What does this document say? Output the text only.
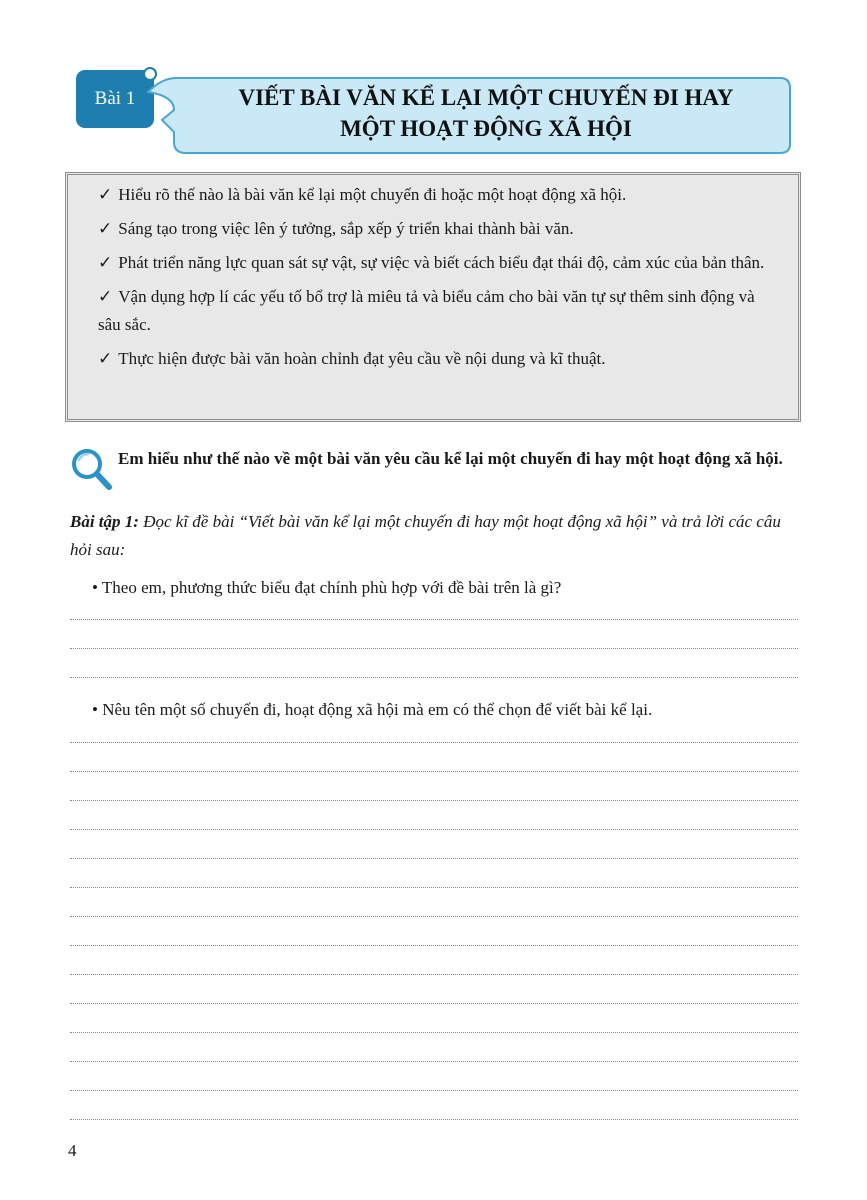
Bài 1	VIẾT BÀI VĂN KỂ LẠI MỘT CHUYẾN ĐI HAY
MỘT HOẠT ĐỘNG XÃ HỘI

✓ Hiểu rõ thế nào là bài văn kể lại một chuyến đi hoặc một hoạt động xã hội.

✓ Sáng tạo trong việc lên ý tưởng, sắp xếp ý triển khai thành bài văn.

✓ Phát triển năng lực quan sát sự vật, sự việc và biết cách biểu đạt thái độ, cảm xúc của bản thân.

✓ Vận dụng hợp lí các yếu tố bổ trợ là miêu tả và biểu cảm cho bài văn tự sự thêm sinh động và sâu sắc.

✓ Thực hiện được bài văn hoàn chỉnh đạt yêu cầu về nội dung và kĩ thuật.

Em hiểu như thế nào về một bài văn yêu cầu kể lại một chuyến đi hay một hoạt động xã hội.
Bài tập 1: Đọc kĩ đề bài “Viết bài văn kể lại một chuyến đi hay một hoạt động xã hội” và trả lời các câu hỏi sau:
• Theo em, phương thức biểu đạt chính phù hợp với đề bài trên là gì?
• Nêu tên một số chuyến đi, hoạt động xã hội mà em có thể chọn để viết bài kể lại.
4
